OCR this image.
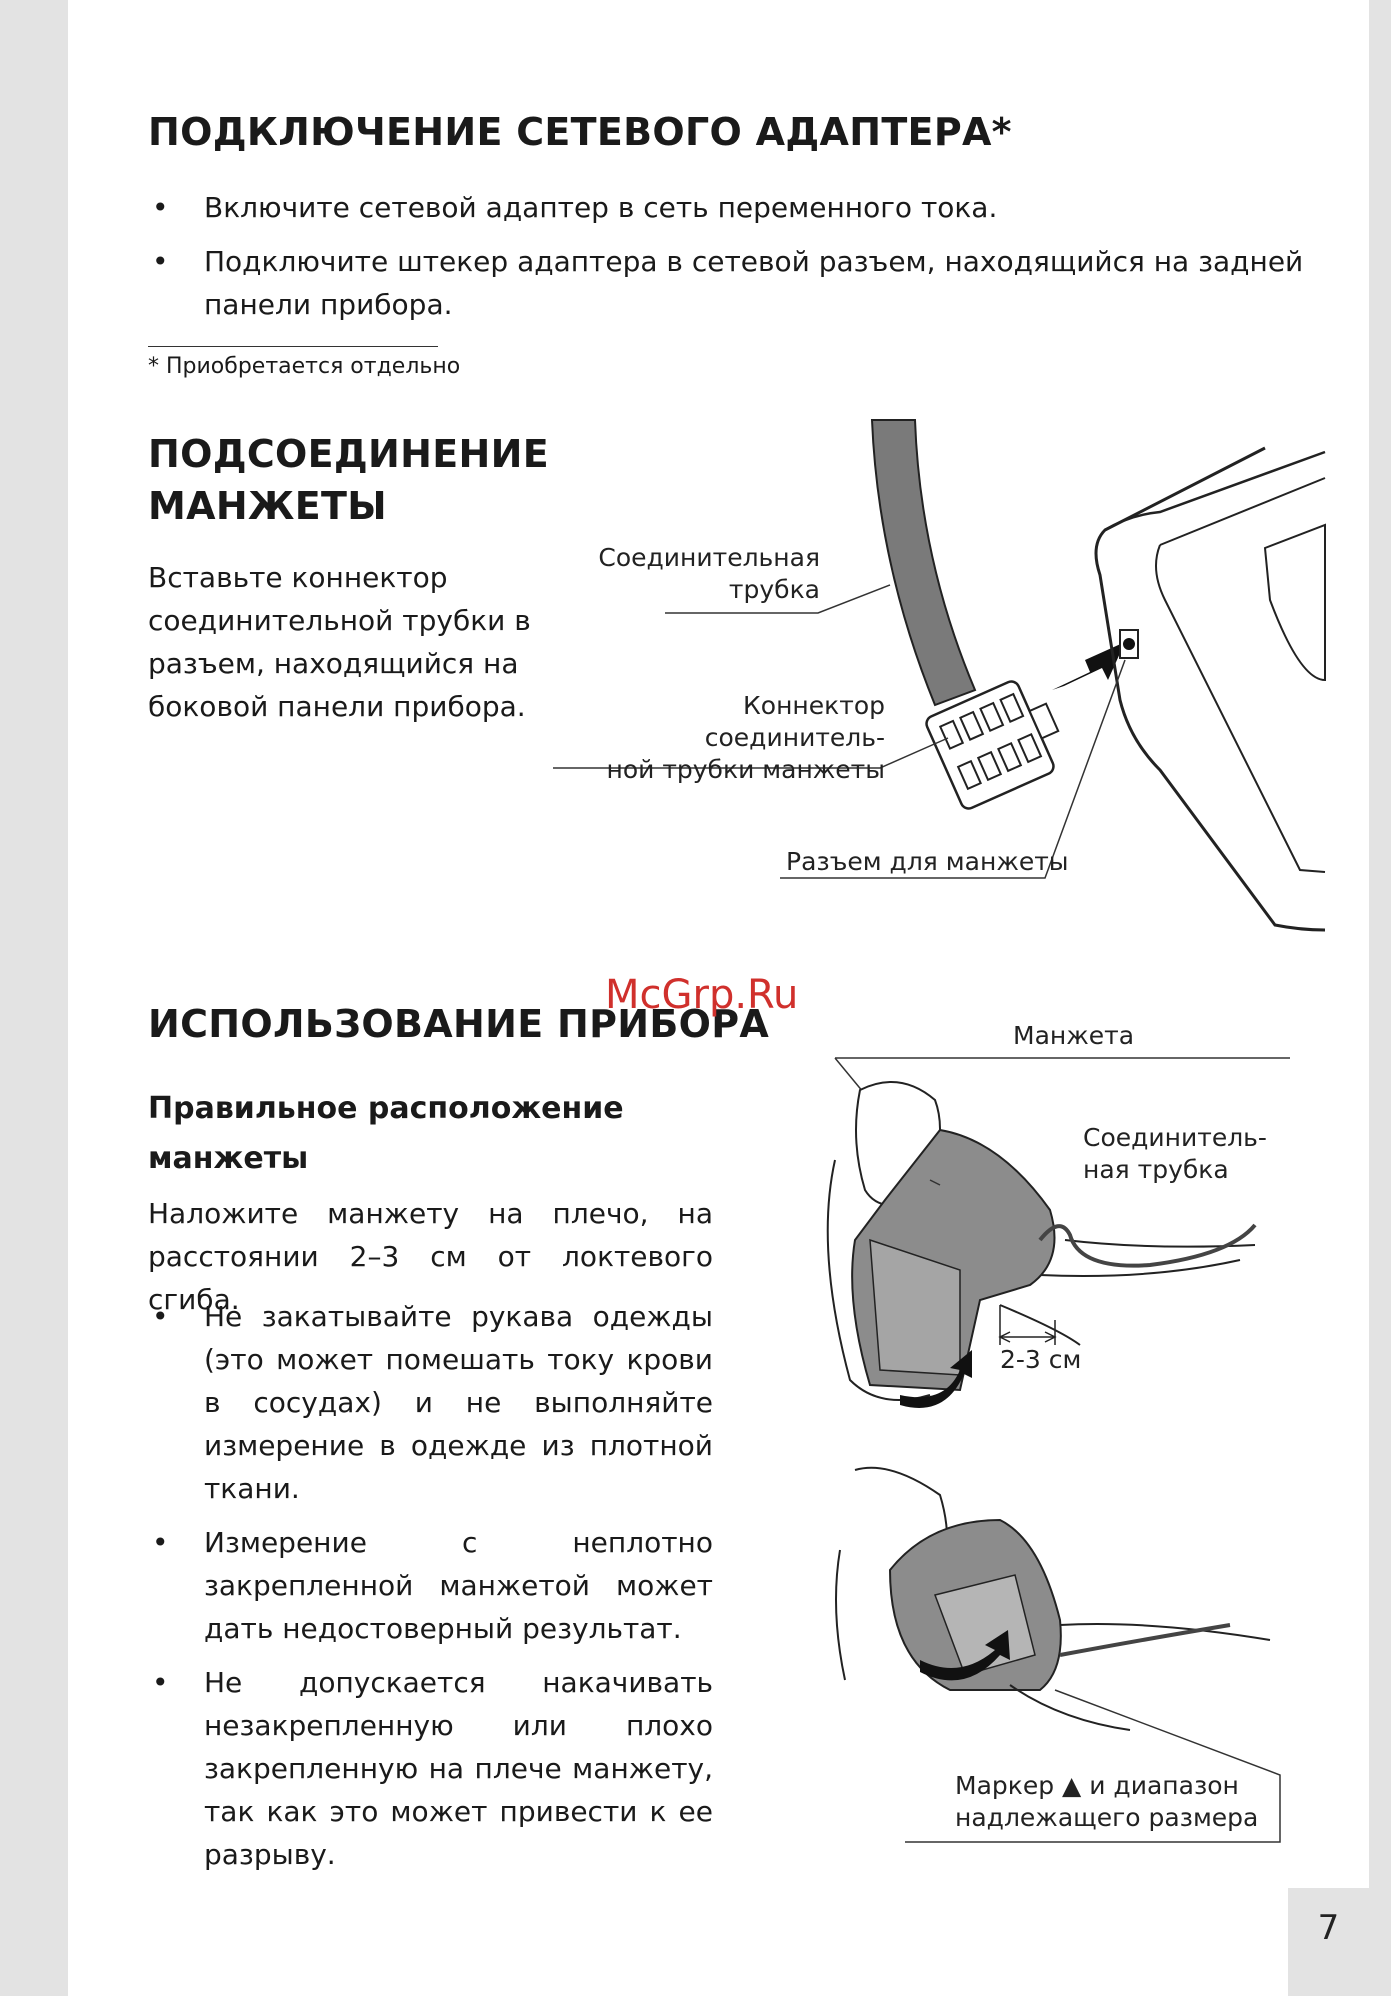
7
ПОДКЛЮЧЕНИЕ СЕТЕВОГО АДАПТЕРА*
• Включите сетевой адаптер в сеть переменного тока.
• Подключите штекер адаптера в сетевой разъем, находящийся на задней панели прибора.
* Приобретается отдельно
ПОДСОЕДИНЕНИЕ
МАНЖЕТЫ

Вставьте коннектор соединительной трубки в разъем, находящийся на боковой панели прибора.

Соединительная
трубка
Коннектор соединитель-
ной трубки манжеты
Разъем для манжеты
ИСПОЛЬЗОВАНИЕ ПРИБОРА
McGrp.Ru
Правильное расположение
манжеты

Наложите манжету на плечо, на расстоянии 2–3 см от локтевого сгиба.

• Не закатывайте рукава одежды (это может помешать току крови в сосудах) и не выполняйте измерение в одежде из плотной ткани.
• Измерение с неплотно закрепленной манжетой может дать недостоверный результат.
• Не допускается накачивать незакрепленную или плохо закрепленную на плече манжету, так как это может привести к ее разрыву.
Манжета
Соединитель-
ная трубка
2-3 см
Маркер ▲ и диапазон
надлежащего размера
